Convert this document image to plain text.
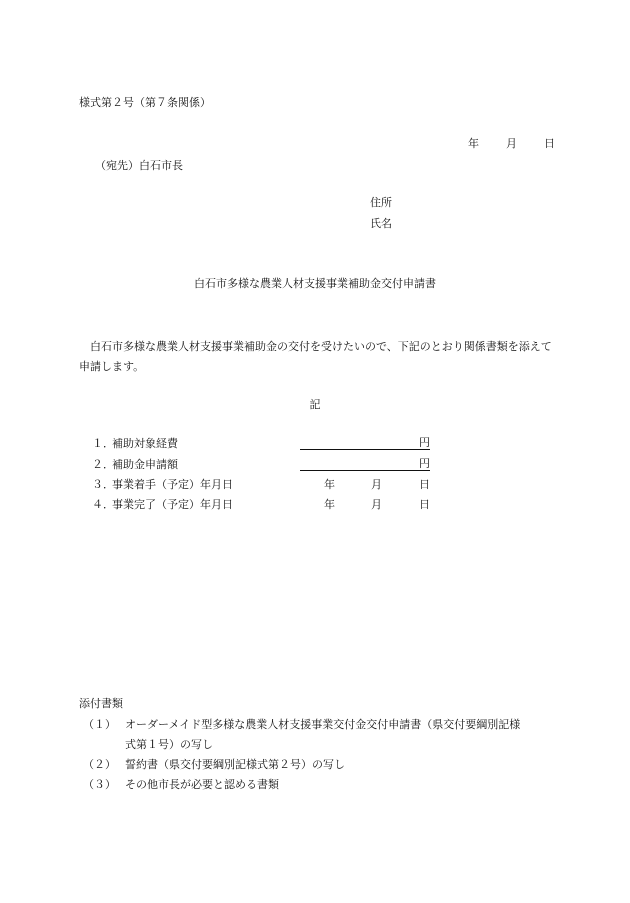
様式第２号（第７条関係）
年 月 日
（宛先）白石市長
住所
氏名
白石市多様な農業人材支援事業補助金交付申請書
白石市多様な農業人材支援事業補助金の交付を受けたいので、下記のとおり関係書類を添えて申請します。
記
１．補助対象経費	円
２．補助金申請額	円
３．事業着手（予定）年月日	年	月	日
４．事業完了（予定）年月日	年	月	日
添付書類
（１） オーダーメイド型多様な農業人材支援事業交付金交付申請書（県交付要綱別記様
式第１号）の写し
（２） 誓約書（県交付要綱別記様式第２号）の写し
（３） その他市長が必要と認める書類
